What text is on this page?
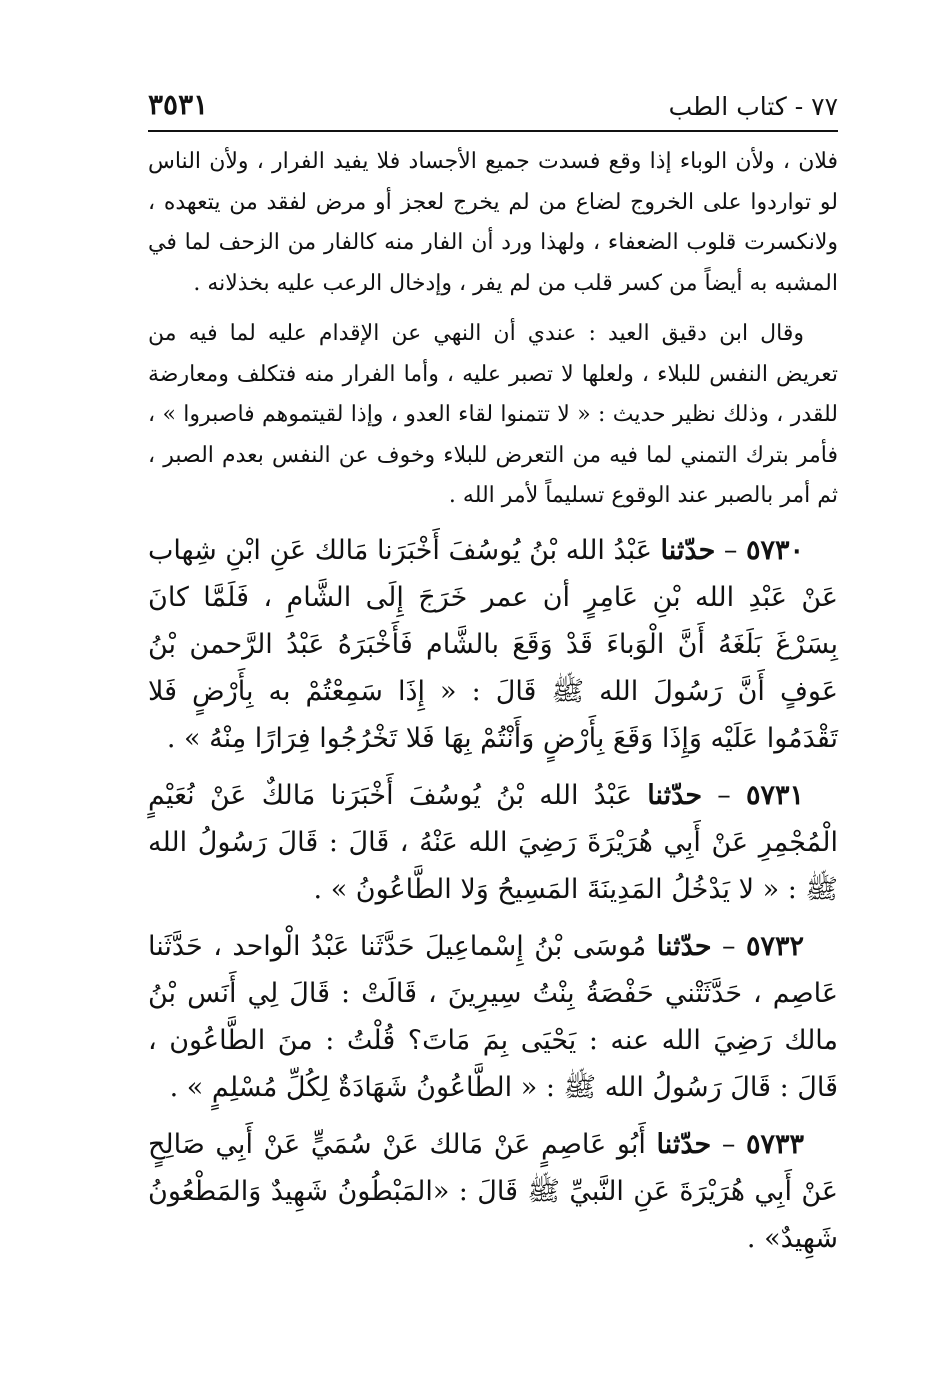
٧٧ - كتاب الطب
٣٥٣١

فلان ، ولأن الوباء إذا وقع فسدت جميع الأجساد فلا يفيد الفرار ، ولأن الناس لو تواردوا على الخروج لضاع من لم يخرج لعجز أو مرض لفقد من يتعهده ، ولانكسرت قلوب الضعفاء ، ولهذا ورد أن الفار منه كالفار من الزحف لما في المشبه به أيضاً من كسر قلب من لم يفر ، وإدخال الرعب عليه بخذلانه .

وقال ابن دقيق العيد : عندي أن النهي عن الإقدام عليه لما فيه من تعريض النفس للبلاء ، ولعلها لا تصبر عليه ، وأما الفرار منه فتكلف ومعارضة للقدر ، وذلك نظير حديث : « لا تتمنوا لقاء العدو ، وإذا لقيتموهم فاصبروا » ، فأمر بترك التمني لما فيه من التعرض للبلاء وخوف عن النفس بعدم الصبر ، ثم أمر بالصبر عند الوقوع تسليماً لأمر الله .

٥٧٣٠ – حدّثنا عَبْدُ الله بْنُ يُوسُفَ أَخْبَرَنا مَالك عَنِ ابْنِ شِهاب عَنْ عَبْدِ الله بْنِ عَامِرٍ أن عمر خَرَجَ إِلَى الشَّامِ ، فَلَمَّا كانَ بِسَرْغَ بَلَغَهُ أَنَّ الْوَباءَ قَدْ وَقَعَ بالشَّام فَأَخْبَرَهُ عَبْدُ الرَّحمن بْنُ عَوفٍ أَنَّ رَسُولَ الله ﷺ قَالَ : « إِذَا سَمِعْتُمْ به بِأَرْضٍ فَلا تَقْدَمُوا عَلَيْه وَإِذَا وَقَعَ بِأَرْضٍ وَأَنْتُمْ بِهَا فَلا تَخْرُجُوا فِرَارًا مِنْهُ » .

٥٧٣١ – حدّثنا عَبْدُ الله بْنُ يُوسُفَ أَخْبَرَنا مَالكٌ عَنْ نُعَيْمٍ الْمُجْمِرِ عَنْ أَبِي هُرَيْرَةَ رَضِيَ الله عَنْهُ ، قَالَ : قَالَ رَسُولُ الله ﷺ : « لا يَدْخُلُ المَدِينَةَ المَسِيحُ وَلا الطَّاعُونُ » .

٥٧٣٢ – حدّثنا مُوسَى بْنُ إِسْماعِيلَ حَدَّثَنا عَبْدُ الْواحد ، حَدَّثَنا عَاصِم ، حَدَّثَتْني حَفْصَةُ بِنْتُ سِيرِينَ ، قَالَتْ : قَالَ لِي أَنَس بْنُ مالك رَضِيَ الله عنه : يَحْيَى بِمَ مَاتَ؟ قُلْتُ : منَ الطَّاعُون ، قَالَ : قَالَ رَسُولُ الله ﷺ : « الطَّاعُونُ شَهَادَةٌ لِكُلِّ مُسْلِمٍ » .

٥٧٣٣ – حدّثنا أَبُو عَاصِمٍ عَنْ مَالك عَنْ سُمَيٍّ عَنْ أَبِي صَالِحٍ عَنْ أَبِي هُرَيْرَةَ عَنِ النَّبيِّ ﷺ قَالَ : «المَبْطُونُ شَهِيدٌ وَالمَطْعُونُ شَهِيدٌ» .
